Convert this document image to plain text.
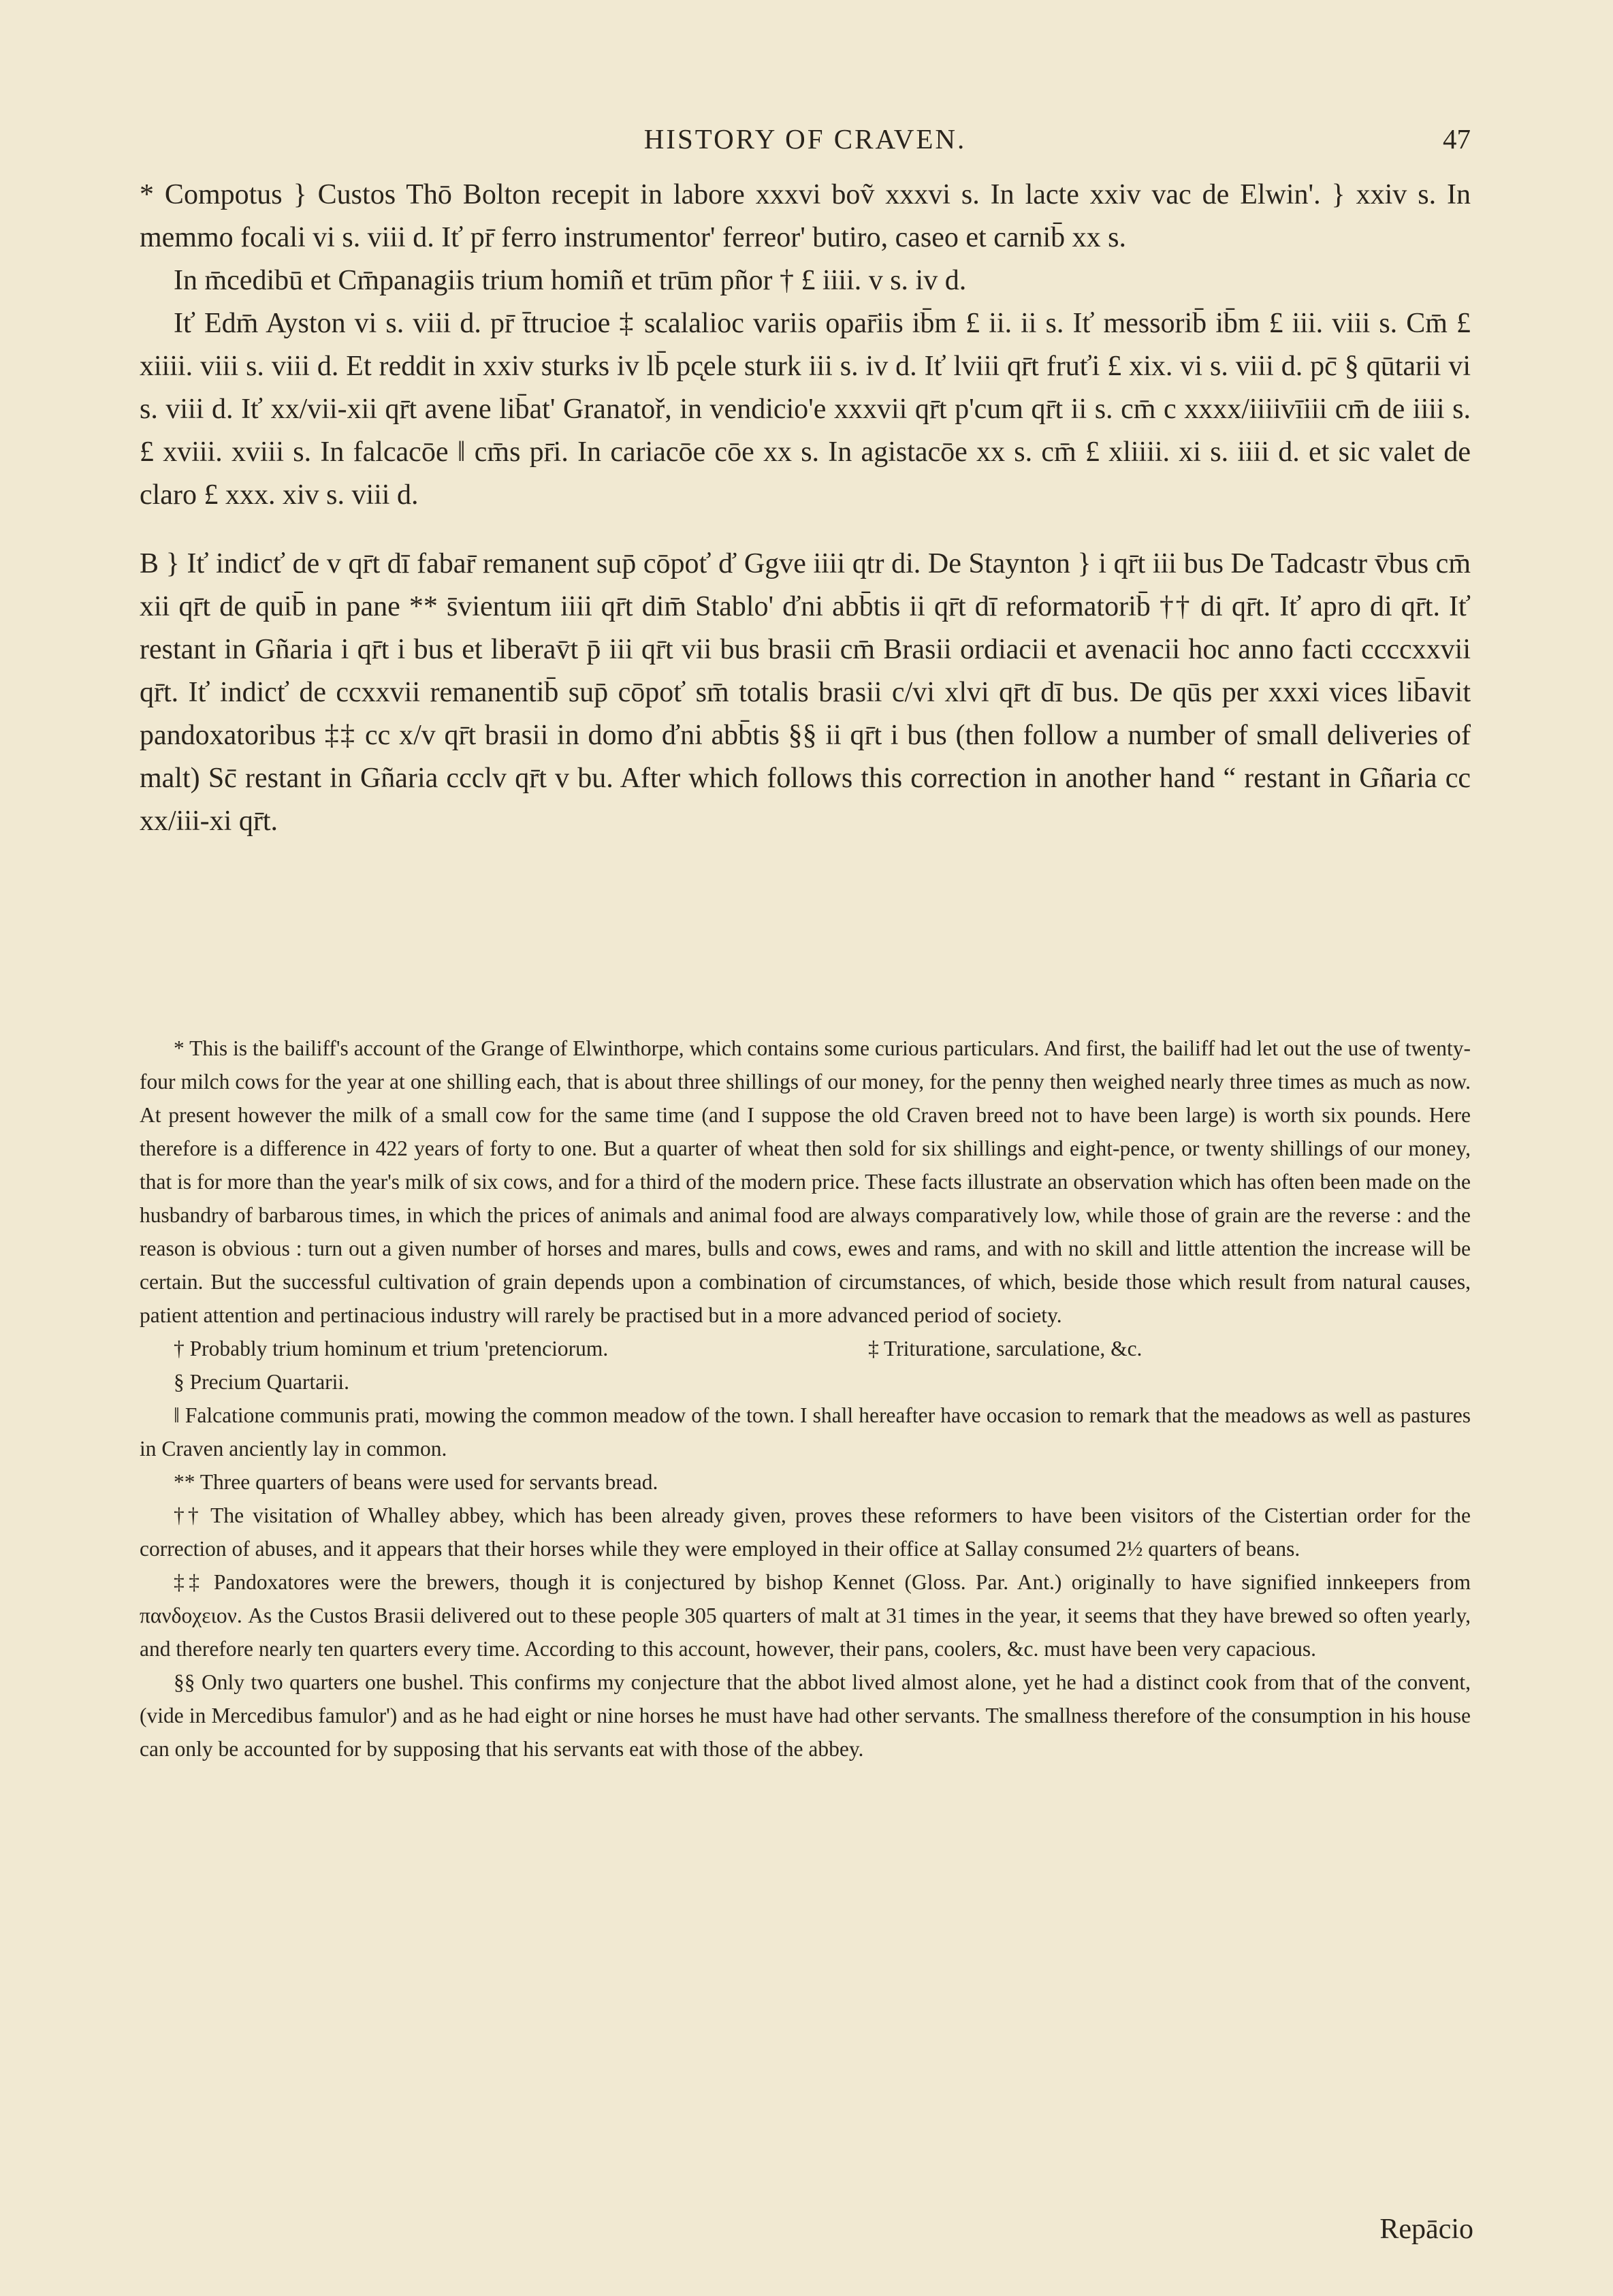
HISTORY OF CRAVEN.	47

* Compotus } Custos Thō Bolton recepit in labore xxxvi boṽ xxxvi s. In lacte xxiv vac de Elwin'. } xxiv s. In memmo focali vi s. viii d. Iť pr̄ ferro instrumentor' ferreor' butiro, caseo et carnib̄ xx s.

In m̄cedibū et Cm̄panagiis trium homiñ et trūm pñor † £ iiii. v s. iv d.

Iť Edm̄ Ayston vi s. viii d. pr̄ t̄trucioe ‡ scalalioc variis opar̄iis ib̄m £ ii. ii s. Iť messorib̄ ib̄m £ iii. viii s. Cm̄ £ xiiii. viii s. viii d. Et reddit in xxiv sturks iv lb̄ pc̨ele sturk iii s. iv d. Iť lviii qr̄t fruťi £ xix. vi s. viii d. pc̄ § qūtarii vi s. viii d. Iť xx/vii-xii qr̄t avene lib̄at' Granatoř, in vendicio'e xxxvii qr̄t p'cum qr̄t ii s. cm̄ c xxxx/iiiivīiii cm̄ de iiii s. £ xviii. xviii s. In falcacōe ‖ cm̄s pr̄i. In cariacōe cōe xx s. In agistacōe xx s. cm̄ £ xliiii. xi s. iiii d. et sic valet de claro £ xxx. xiv s. viii d.

B } Iť indicť de v qr̄t dī fabar̄ remanent sup̄ cōpoť ď Ggve iiii qtr di. De Staynton } i qr̄t iii bus De Tadcastr v̄bus cm̄ xii qr̄t de quib̄ in pane ** s̄vientum iiii qr̄t dim̄ Stablo' ďni abb̄tis ii qr̄t dī reformatorib̄ †† di qr̄t. Iť apro di qr̄t. Iť restant in Gñaria i qr̄t i bus et liberav̄t p̄ iii qr̄t vii bus brasii cm̄ Brasii ordiacii et avenacii hoc anno facti ccccxxvii qr̄t. Iť indicť de ccxxvii remanentib̄ sup̄ cōpoť sm̄ totalis brasii c/vi xlvi qr̄t dī bus. De qūs per xxxi vices lib̄avit pandoxatoribus ‡‡ cc x/v qr̄t brasii in domo ďni abb̄tis §§ ii qr̄t i bus (then follow a number of small deliveries of malt) Sc̄ restant in Gñaria ccclv qr̄t v bu. After which follows this correction in another hand “ restant in Gñaria cc xx/iii-xi qr̄t.

* This is the bailiff's account of the Grange of Elwinthorpe, which contains some curious particulars. And first, the bailiff had let out the use of twenty-four milch cows for the year at one shilling each, that is about three shillings of our money, for the penny then weighed nearly three times as much as now. At present however the milk of a small cow for the same time (and I suppose the old Craven breed not to have been large) is worth six pounds. Here therefore is a difference in 422 years of forty to one. But a quarter of wheat then sold for six shillings and eight-pence, or twenty shillings of our money, that is for more than the year's milk of six cows, and for a third of the modern price. These facts illustrate an observation which has often been made on the husbandry of barbarous times, in which the prices of animals and animal food are always comparatively low, while those of grain are the reverse : and the reason is obvious : turn out a given number of horses and mares, bulls and cows, ewes and rams, and with no skill and little attention the increase will be certain. But the successful cultivation of grain depends upon a combination of circumstances, of which, beside those which result from natural causes, patient attention and pertinacious industry will rarely be practised but in a more advanced period of society.

† Probably trium hominum et trium 'pretenciorum.	‡ Trituratione, sarculatione, &c.

§ Precium Quartarii.

‖ Falcatione communis prati, mowing the common meadow of the town. I shall hereafter have occasion to remark that the meadows as well as pastures in Craven anciently lay in common.

** Three quarters of beans were used for servants bread.

†† The visitation of Whalley abbey, which has been already given, proves these reformers to have been visitors of the Cistertian order for the correction of abuses, and it appears that their horses while they were employed in their office at Sallay consumed 2½ quarters of beans.

‡‡ Pandoxatores were the brewers, though it is conjectured by bishop Kennet (Gloss. Par. Ant.) originally to have signified innkeepers from πανδοχειον. As the Custos Brasii delivered out to these people 305 quarters of malt at 31 times in the year, it seems that they have brewed so often yearly, and therefore nearly ten quarters every time. According to this account, however, their pans, coolers, &c. must have been very capacious.

§§ Only two quarters one bushel. This confirms my conjecture that the abbot lived almost alone, yet he had a distinct cook from that of the convent, (vide in Mercedibus famulor') and as he had eight or nine horses he must have had other servants. The smallness therefore of the consumption in his house can only be accounted for by supposing that his servants eat with those of the abbey.

Repācio
